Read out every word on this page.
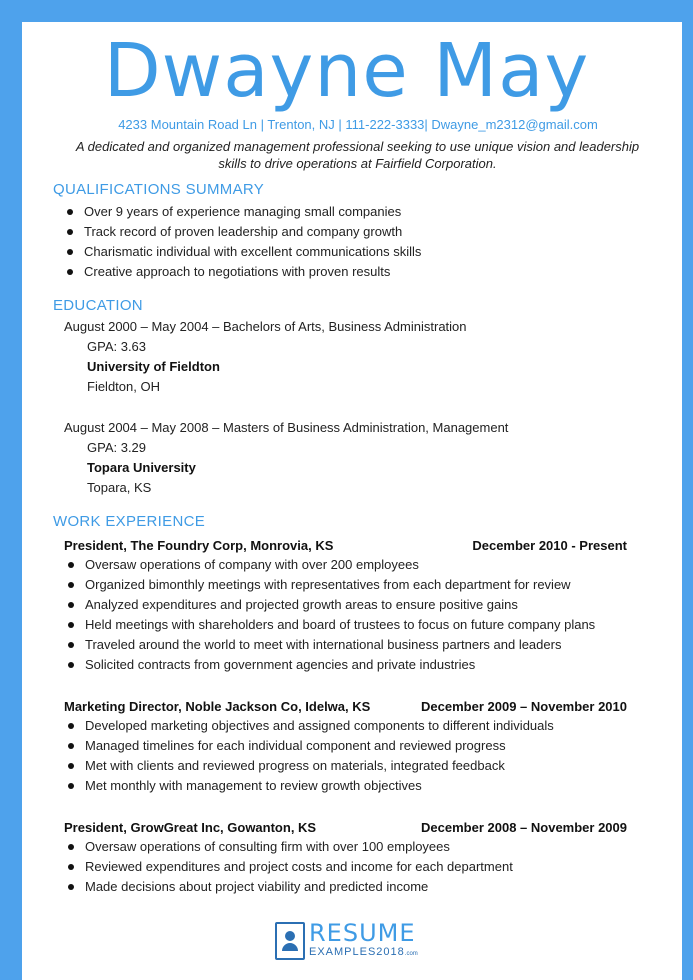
Dwayne May
4233 Mountain Road Ln | Trenton, NJ | 111-222-3333| Dwayne_m2312@gmail.com
A dedicated and organized management professional seeking to use unique vision and leadership skills to drive operations at Fairfield Corporation.
QUALIFICATIONS SUMMARY
Over 9 years of experience managing small companies
Track record of proven leadership and company growth
Charismatic individual with excellent communications skills
Creative approach to negotiations with proven results
EDUCATION
August 2000 – May 2004 – Bachelors of Arts, Business Administration
GPA: 3.63
University of Fieldton
Fieldton, OH
August 2004 – May 2008 – Masters of Business Administration, Management
GPA: 3.29
Topara University
Topara, KS
WORK EXPERIENCE
President, The Foundry Corp, Monrovia, KS	December 2010 - Present
Oversaw operations of company with over 200 employees
Organized bimonthly meetings with representatives from each department for review
Analyzed expenditures and projected growth areas to ensure positive gains
Held meetings with shareholders and board of trustees to focus on future company plans
Traveled around the world to meet with international business partners and leaders
Solicited contracts from government agencies and private industries
Marketing Director, Noble Jackson Co, Idelwa, KS	December 2009 – November 2010
Developed marketing objectives and assigned components to different individuals
Managed timelines for each individual component and reviewed progress
Met with clients and reviewed progress on materials, integrated feedback
Met monthly with management to review growth objectives
President, GrowGreat Inc, Gowanton, KS	December 2008 – November 2009
Oversaw operations of consulting firm with over 100 employees
Reviewed expenditures and project costs and income for each department
Made decisions about project viability and predicted income
RESUME
EXAMPLES2018.com
